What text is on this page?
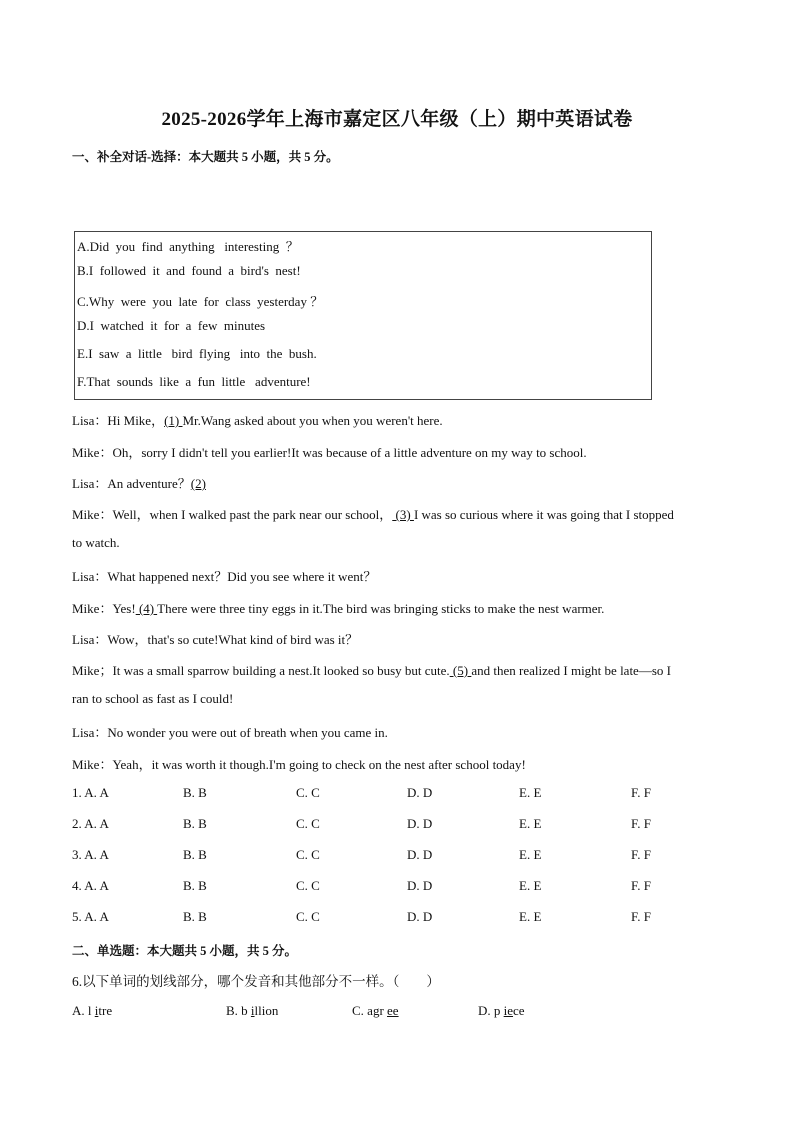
2025-2026学年上海市嘉定区八年级（上）期中英语试卷
一、补全对话-选择：本大题共 5 小题，共 5 分。
A.Did  you  find  anything   interesting  ？
B.I  followed  it  and  found  a  bird's  nest!
C.Why  were  you  late  for  class  yesterday ？
D.I  watched  it  for  a  few  minutes
E.I  saw  a  little   bird  flying   into  the  bush.
F.That  sounds  like  a  fun  little   adventure!
Lisa：Hi Mike，(1) Mr.Wang asked about you when you weren't here.
Mike：Oh，sorry I didn't tell you earlier!It was because of a little adventure on my way to school.
Lisa：An adventure？(2)
Mike：Well，when I walked past the park near our school， (3) I was so curious where it was going that I stopped
to watch.
Lisa：What happened next？Did you see where it went？
Mike：Yes! (4) There were three tiny eggs in it.The bird was bringing sticks to make the nest warmer.
Lisa：Wow，that's so cute!What kind of bird was it？
Mike；It was a small sparrow building a nest.It looked so busy but cute. (5) and then realized I might be late—so I
ran to school as fast as I could!
Lisa：No wonder you were out of breath when you came in.
Mike：Yeah，it was worth it though.I'm going to check on the nest after school today!
1. A. A	B. B	C. C	D. D	E. E	F. F
2. A. A	B. B	C. C	D. D	E. E	F. F
3. A. A	B. B	C. C	D. D	E. E	F. F
4. A. A	B. B	C. C	D. D	E. E	F. F
5. A. A	B. B	C. C	D. D	E. E	F. F
二、单选题：本大题共 5 小题，共 5 分。
6.以下单词的划线部分，哪个发音和其他部分不一样。（　　）
A. l itre	B. b illion	C. agr ee	D. p iece
